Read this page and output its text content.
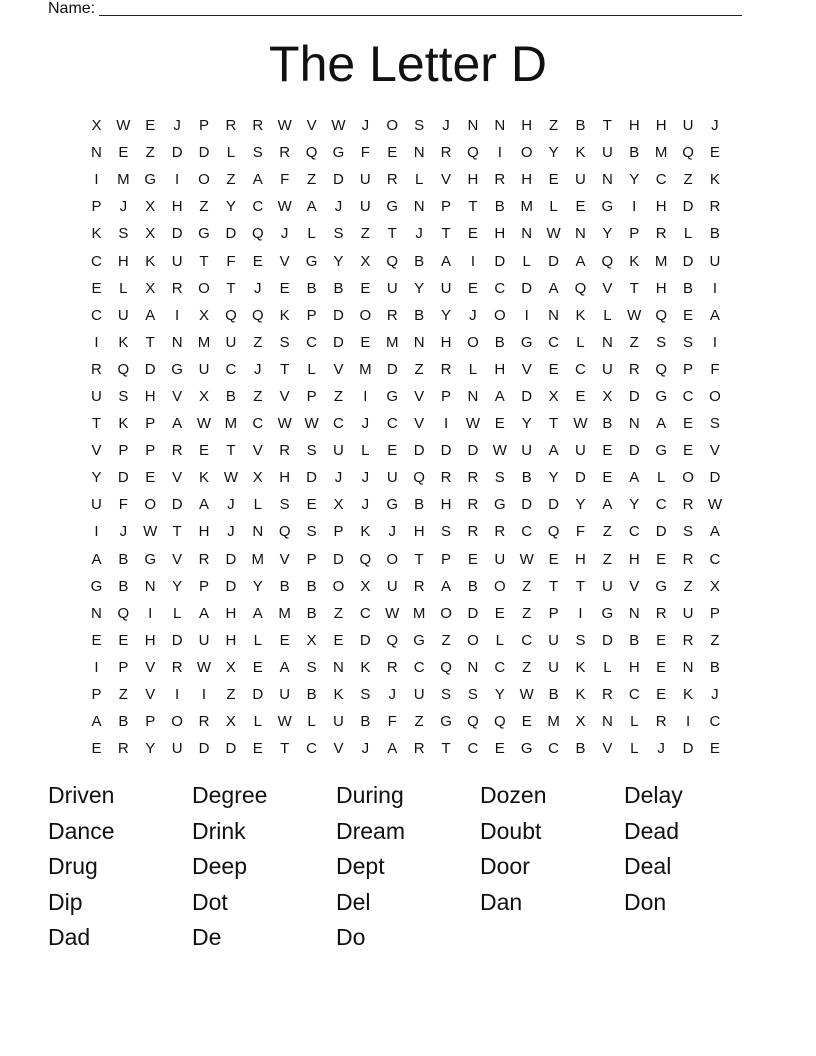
Name:
The Letter D
X W E	J	P	R	R W V W	J	O	S	J	N	N	H	Z	B	T	H	H	U	J
N	E	Z	D	D	L	S	R	Q	G	F	E	N	R	Q	I	O	Y	K	U	B	M Q	E
I	M G	I	O	Z	A	F	Z	D	U	R	L	V	H	R	H	E	U	N	Y	C	Z	K
P	J	X	H	Z	Y	C W A	J	U	G	N	P	T	B	M	L	E	G	I	H	D	R
K	S	X	D	G	D	Q	J	L	S	Z	T	J	T	E	H	N W N	Y	P	R	L	B
C	H	K	U	T	F	E	V	G	Y	X	Q	B	A	I	D	L	D	A	Q	K	M	D	U
E	L	X	R	O	T	J	E	B	B	E	U	Y	U	E	C	D	A	Q	V	T	H	B	I
C	U	A	I	X	Q	Q	K	P	D	O	R	B	Y	J	O	I	N	K	L	W Q	E	A
I	K	T	N	M	U	Z	S	C	D	E	M	N	H	O	B	G	C	L	N	Z	S	S	I
R	Q	D	G	U	C	J	T	L	V	M	D	Z	R	L	H	V	E	C	U	R	Q	P	F
U	S	H	V	X	B	Z	V	P	Z	I	G	V	P	N	A	D	X	E	X	D	G	C	O
T	K	P	A W M	C W W C	J	C	V	I	W E	Y	T	W B	N	A	E	S
V	P	P	R	E	T	V	R	S	U	L	E	D	D	D W U	A	U	E	D	G	E	V
Y	D	E	V	K W X	H	D	J	J	U	Q	R	R	S	B	Y	D	E	A	L	O	D
U	F	O	D	A	J	L	S	E	X	J	G	B	H	R	G	D	D	Y	A	Y	C	R W
I	J	W	T	H	J	N	Q	S	P	K	J	H	S	R	R	C	Q	F	Z	C	D	S	A
A	B	G	V	R	D	M	V	P	D	Q	O	T	P	E	U W E	H	Z	H	E	R	C
G	B	N	Y	P	D	Y	B	B	O	X	U	R	A	B	O	Z	T	T	U	V	G	Z	X
N	Q	I	L	A	H	A	M	B	Z	C W M O	D	E	Z	P	I	G	N	R	U	P
E	E	H	D	U	H	L	E	X	E	D	Q	G	Z	O	L	C	U	S	D	B	E	R	Z
I	P	V	R W X	E	A	S	N	K	R	C	Q	N	C	Z	U	K	L	H	E	N	B
P	Z	V	I	I	Z	D	U	B	K	S	J	U	S	S	Y W B	K	R	C	E	K	J
A	B	P	O	R	X	L	W	L	U	B	F	Z	G	Q	Q	E	M	X	N	L	R	I	C
E	R	Y	U	D	D	E	T	C	V	J	A	R	T	C	E	G	C	B	V	L	J	D	E
Driven	Degree	During	Dozen	Delay
Dance	Drink	Dream	Doubt	Dead
Drug	Deep	Dept	Door	Deal
Dip	Dot	Del	Dan	Don
Dad	De	Do
